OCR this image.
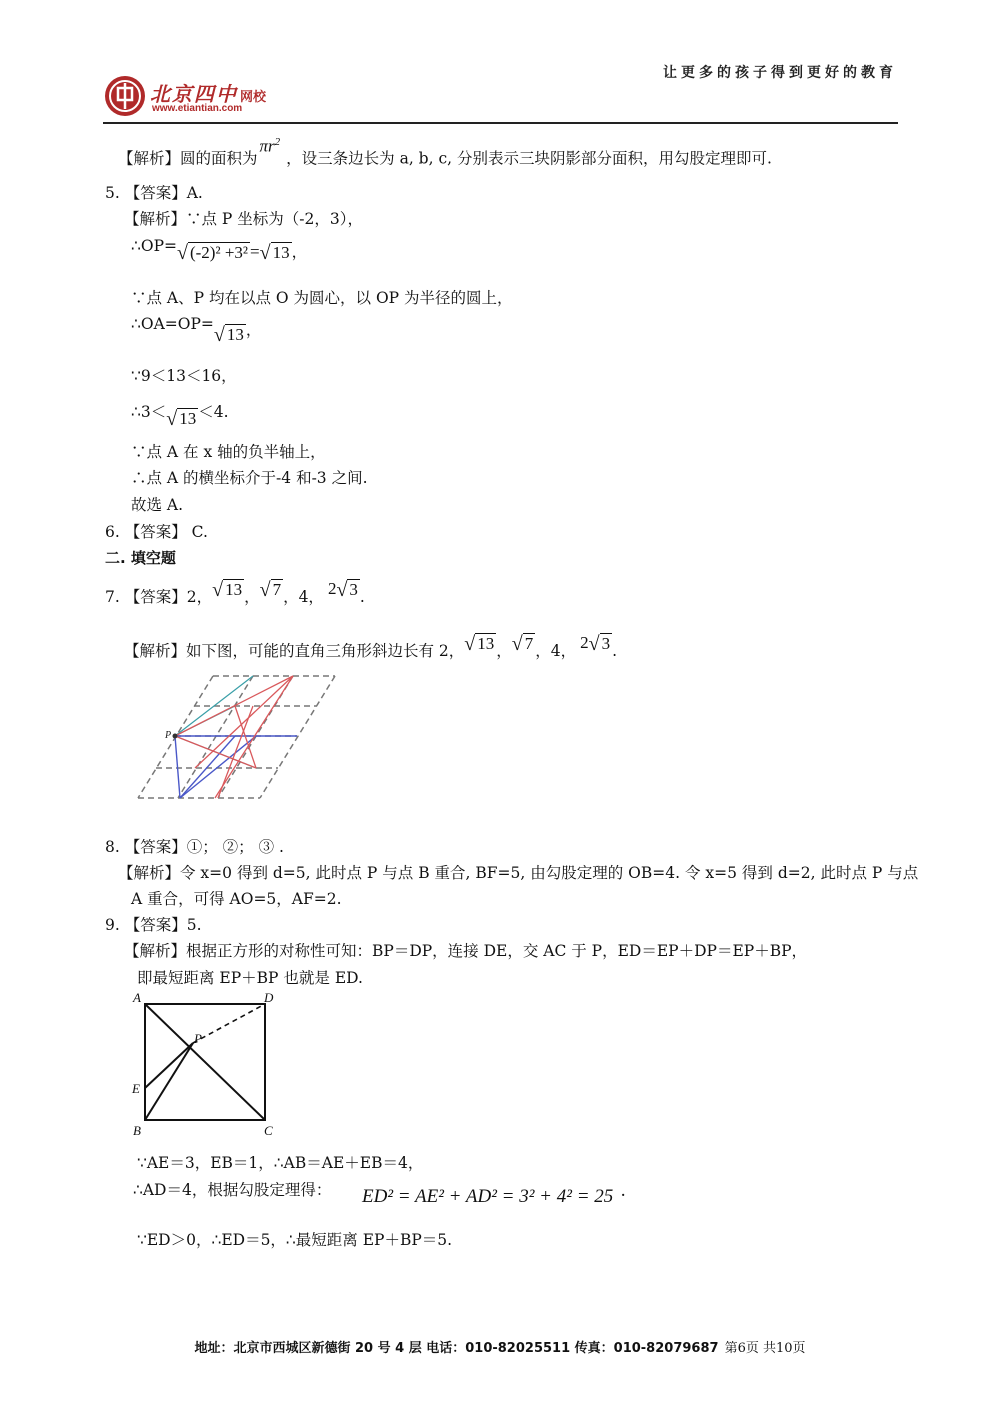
让更多的孩子得到更好的教育
北京四中 网校
www.etiantian.com
【解析】圆的面积为$\pi r^2$，设三条边长为 a, b, c, 分别表示三块阴影部分面积，用勾股定理即可.
5. 【答案】A.
【解析】∵点 P 坐标为（-2，3），
∴OP= √ (-2)² +3² = √ 13 ，
∵点 A、P 均在以点 O 为圆心，以 OP 为半径的圆上，
∴OA=OP=
√ 13 ，
∵9＜13＜16，
∴3＜ √ 13 ＜4.
∵点 A 在 x 轴的负半轴上，
∴点 A 的横坐标介于-4 和-3 之间.
故选 A.
6. 【答案】 C.
二. 填空题
7. 【答案】2， √ 13 ， √ 7 ，4， 2 √ 3 .
【解析】如下图，可能的直角三角形斜边长有 2， √ 13 ， √ 7 ，4， 2 √ 3 .
P
8. 【答案】①； ②； ③ .
【解析】令 x=0 得到 d=5, 此时点 P 与点 B 重合, BF=5, 由勾股定理的 OB=4. 令 x=5 得到 d=2, 此时点 P 与点
A 重合，可得 AO=5，AF=2.
9. 【答案】5.
【解析】根据正方形的对称性可知：BP＝DP，连接 DE，交 AC 于 P，ED＝EP＋DP＝EP＋BP，
即最短距离 EP＋BP 也就是 ED.
A	D
P
E
B	C
∵AE＝3，EB＝1，∴AB＝AE＋EB＝4，
∴AD＝4，根据勾股定理得： ED² = AE² + AD² = 3² + 4² = 25 .
∵ED＞0，∴ED＝5，∴最短距离 EP＋BP＝5.
地址：北京市西城区新德街 20 号 4 层 电话：010-82025511 传真：010-82079687 第6页 共10页
